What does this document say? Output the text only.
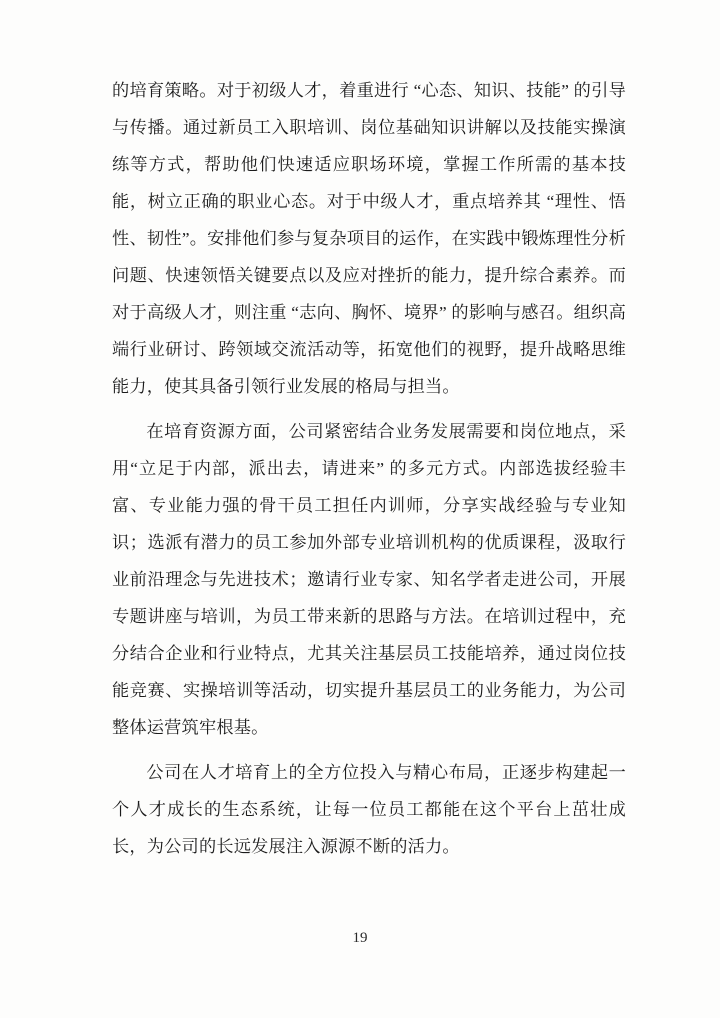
的培育策略。对于初级人才，着重进行 “心态、知识、技能” 的引导与传播。通过新员工入职培训、岗位基础知识讲解以及技能实操演练等方式，帮助他们快速适应职场环境，掌握工作所需的基本技能，树立正确的职业心态。对于中级人才，重点培养其 “理性、悟性、韧性”。安排他们参与复杂项目的运作，在实践中锻炼理性分析问题、快速领悟关键要点以及应对挫折的能力，提升综合素养。而对于高级人才，则注重 “志向、胸怀、境界” 的影响与感召。组织高端行业研讨、跨领域交流活动等，拓宽他们的视野，提升战略思维能力，使其具备引领行业发展的格局与担当。

在培育资源方面，公司紧密结合业务发展需要和岗位地点，采用“立足于内部，派出去，请进来” 的多元方式。内部选拔经验丰富、专业能力强的骨干员工担任内训师，分享实战经验与专业知识；选派有潜力的员工参加外部专业培训机构的优质课程，汲取行业前沿理念与先进技术；邀请行业专家、知名学者走进公司，开展专题讲座与培训，为员工带来新的思路与方法。在培训过程中，充分结合企业和行业特点，尤其关注基层员工技能培养，通过岗位技能竞赛、实操培训等活动，切实提升基层员工的业务能力，为公司整体运营筑牢根基。

公司在人才培育上的全方位投入与精心布局，正逐步构建起一个人才成长的生态系统，让每一位员工都能在这个平台上茁壮成长，为公司的长远发展注入源源不断的活力。

19
